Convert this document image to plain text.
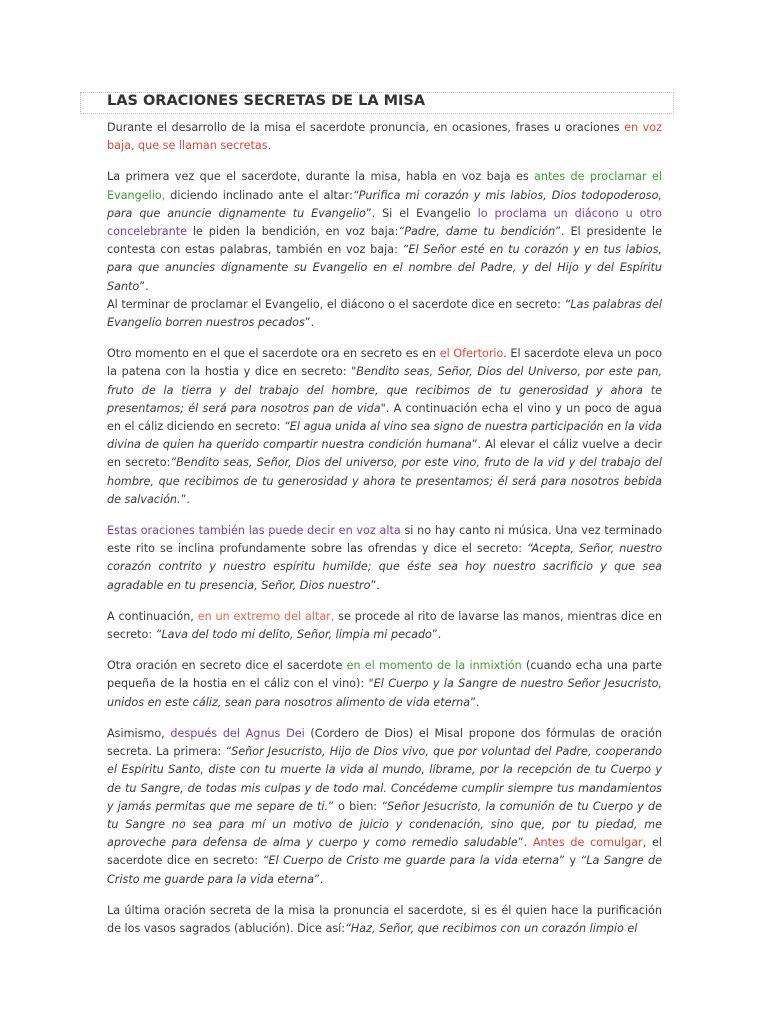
LAS ORACIONES SECRETAS DE LA MISA

Durante el desarrollo de la misa el sacerdote pronuncia, en ocasiones, frases u oraciones en voz baja, que se llaman secretas.

La primera vez que el sacerdote, durante la misa, habla en voz baja es antes de proclamar el Evangelio, diciendo inclinado ante el altar:“Purifica mi corazón y mis labios, Dios todopoderoso, para que anuncie dignamente tu Evangelio”. Si el Evangelio lo proclama un diácono u otro concelebrante le piden la bendición, en voz baja:“Padre, dame tu bendición”. El presidente le contesta con estas palabras, también en voz baja: “El Señor esté en tu corazón y en tus labios, para que anuncies dignamente su Evangelio en el nombre del Padre, y del Hijo y del Espíritu Santo”.

Al terminar de proclamar el Evangelio, el diácono o el sacerdote dice en secreto: “Las palabras del Evangelio borren nuestros pecados”.

Otro momento en el que el sacerdote ora en secreto es en el Ofertorio. El sacerdote eleva un poco la patena con la hostia y dice en secreto: "Bendito seas, Señor, Dios del Universo, por este pan, fruto de la tierra y del trabajo del hombre, que recibimos de tu generosidad y ahora te presentamos; él será para nosotros pan de vida". A continuación echa el vino y un poco de agua en el cáliz diciendo en secreto: “El agua unida al vino sea signo de nuestra participación en la vida divina de quien ha querido compartir nuestra condición humana”. Al elevar el cáliz vuelve a decir en secreto:“Bendito seas, Señor, Dios del universo, por este vino, fruto de la vid y del trabajo del hombre, que recibimos de tu generosidad y ahora te presentamos; él será para nosotros bebida de salvación.”.

Estas oraciones también las puede decir en voz alta si no hay canto ni música. Una vez terminado este rito se inclina profundamente sobre las ofrendas y dice el secreto: “Acepta, Señor, nuestro corazón contrito y nuestro espíritu humilde; que éste sea hoy nuestro sacrificio y que sea agradable en tu presencia, Señor, Dios nuestro”.

A continuación, en un extremo del altar, se procede al rito de lavarse las manos, mientras dice en secreto: “Lava del todo mi delito, Señor, limpia mi pecado”.

Otra oración en secreto dice el sacerdote en el momento de la inmixtión (cuando echa una parte pequeña de la hostia en el cáliz con el vino): "El Cuerpo y la Sangre de nuestro Señor Jesucristo, unidos en este cáliz, sean para nosotros alimento de vida eterna”.

Asimismo, después del Agnus Dei (Cordero de Dios) el Misal propone dos fórmulas de oración secreta. La primera: “Señor Jesucristo, Hijo de Dios vivo, que por voluntad del Padre, cooperando el Espíritu Santo, diste con tu muerte la vida al mundo, líbrame, por la recepción de tu Cuerpo y de tu Sangre, de todas mis culpas y de todo mal. Concédeme cumplir siempre tus mandamientos y jamás permitas que me separe de ti.” o bien: “Señor Jesucristo, la comunión de tu Cuerpo y de tu Sangre no sea para mí un motivo de juicio y condenación, sino que, por tu piedad, me aproveche para defensa de alma y cuerpo y como remedio saludable”. Antes de comulgar, el sacerdote dice en secreto: “El Cuerpo de Cristo me guarde para la vida eterna” y “La Sangre de Cristo me guarde para la vida eterna”.

La última oración secreta de la misa la pronuncia el sacerdote, si es él quien hace la purificación de los vasos sagrados (ablución). Dice así:“Haz, Señor, que recibimos con un corazón limpio el
